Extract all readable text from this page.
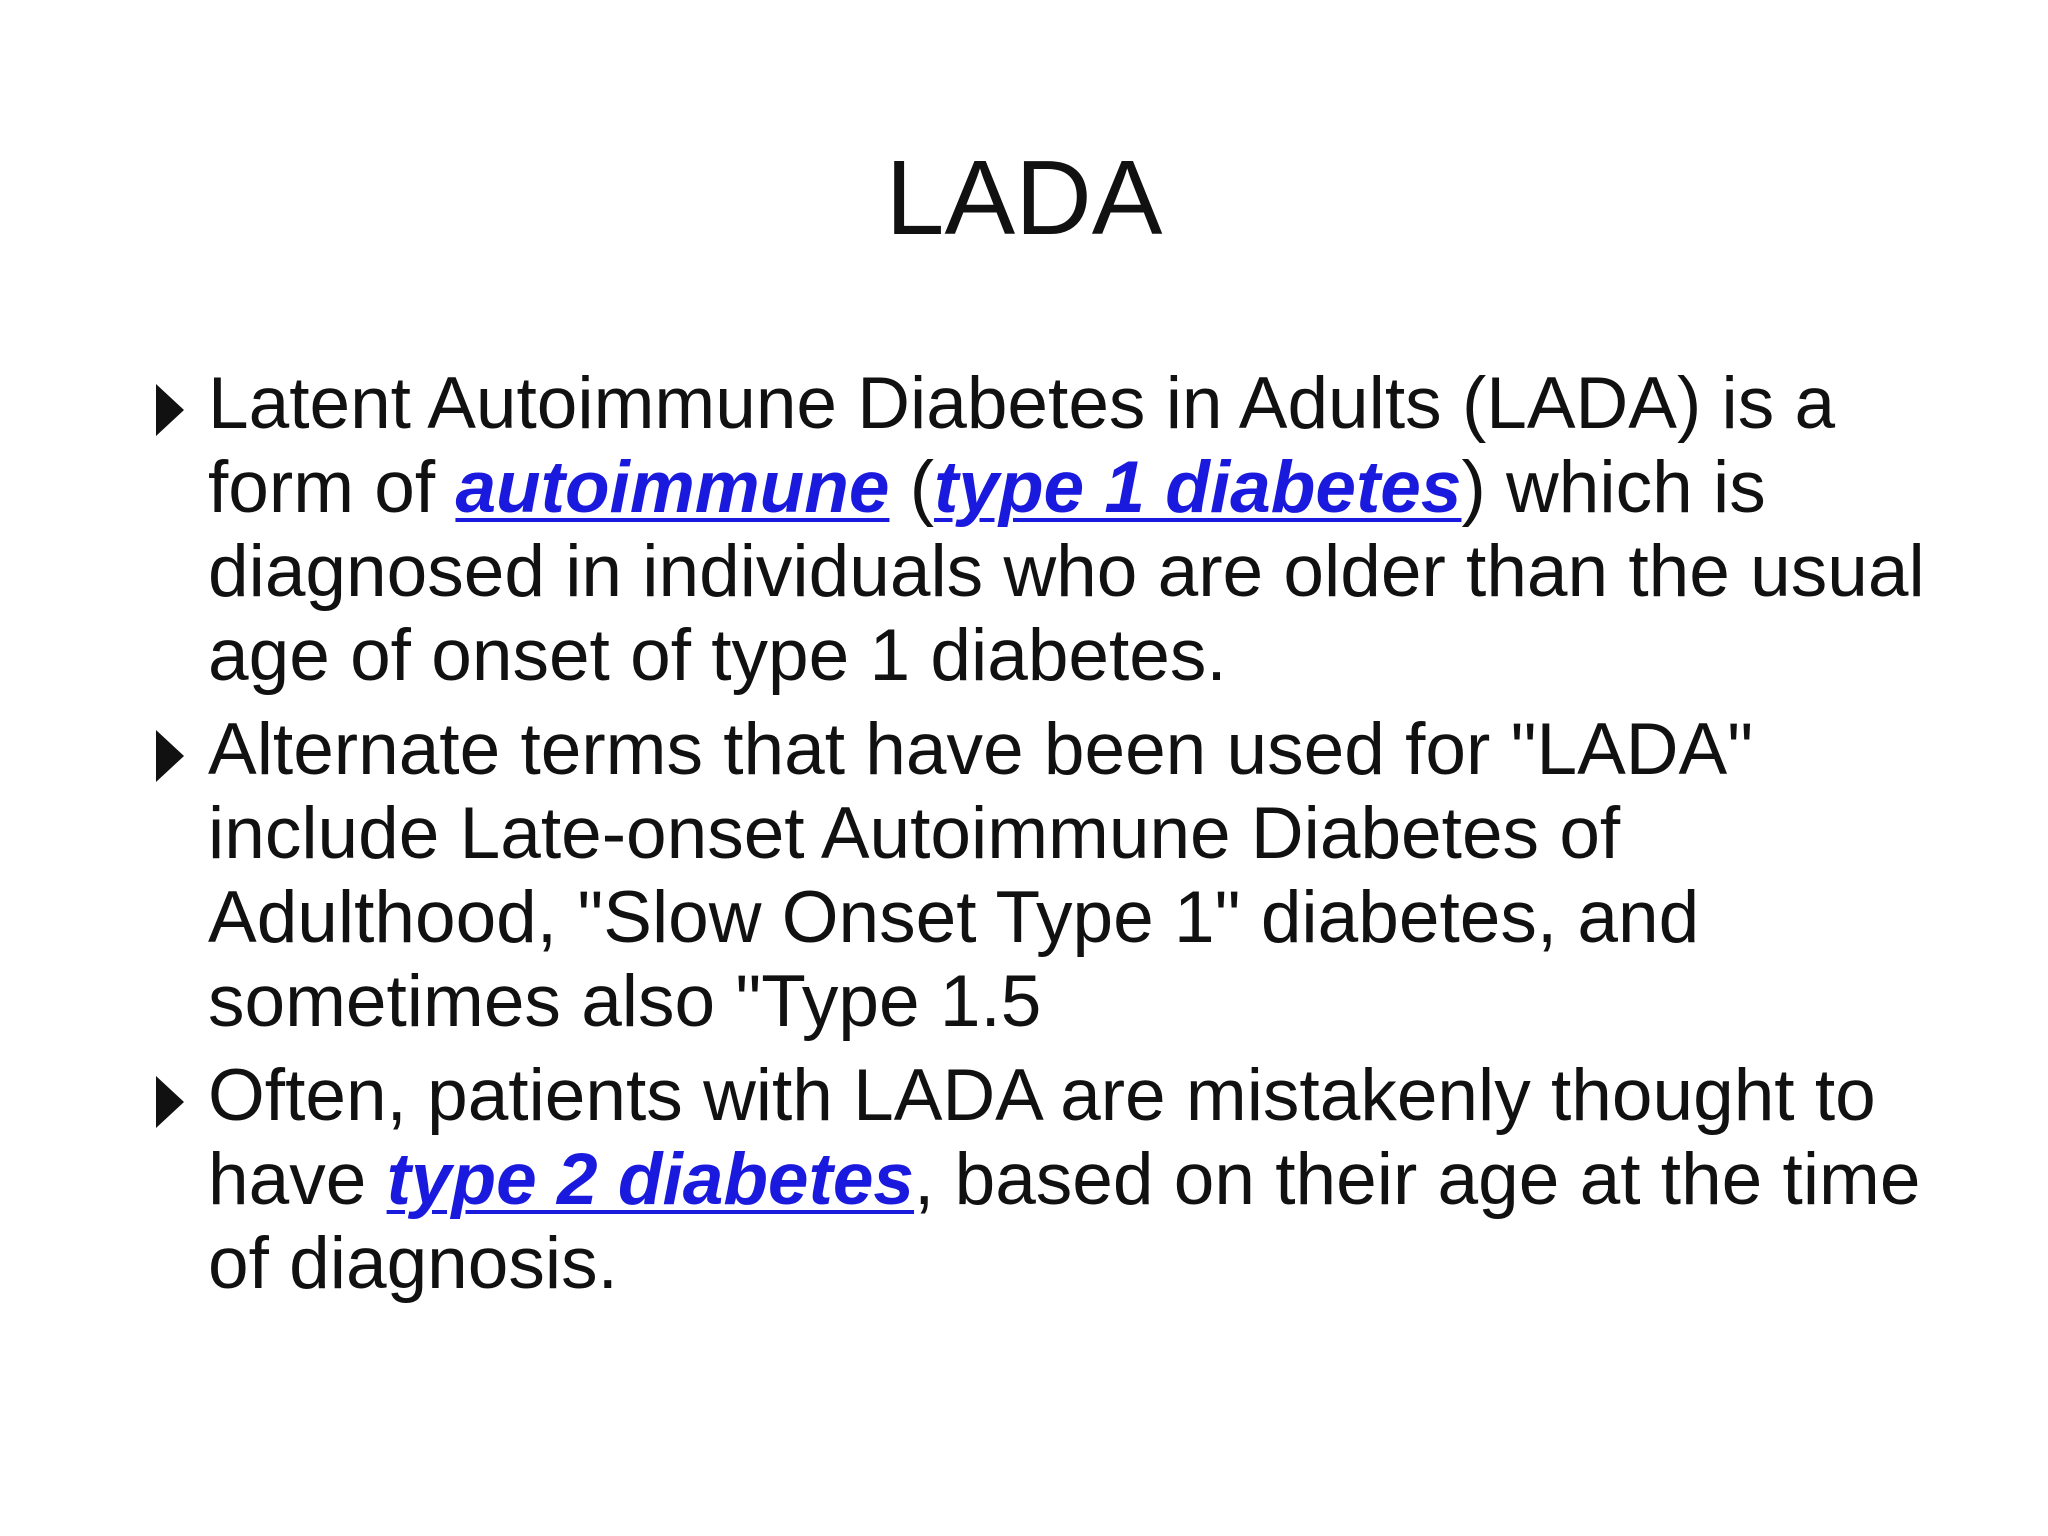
LADA
Latent Autoimmune Diabetes in Adults (LADA) is a form of autoimmune (type 1 diabetes) which is diagnosed in individuals who are older than the usual age of onset of type 1 diabetes.
Alternate terms that have been used for "LADA" include Late-onset Autoimmune Diabetes of Adulthood, "Slow Onset Type 1" diabetes, and sometimes also "Type 1.5
Often, patients with LADA are mistakenly thought to have type 2 diabetes, based on their age at the time of diagnosis.
